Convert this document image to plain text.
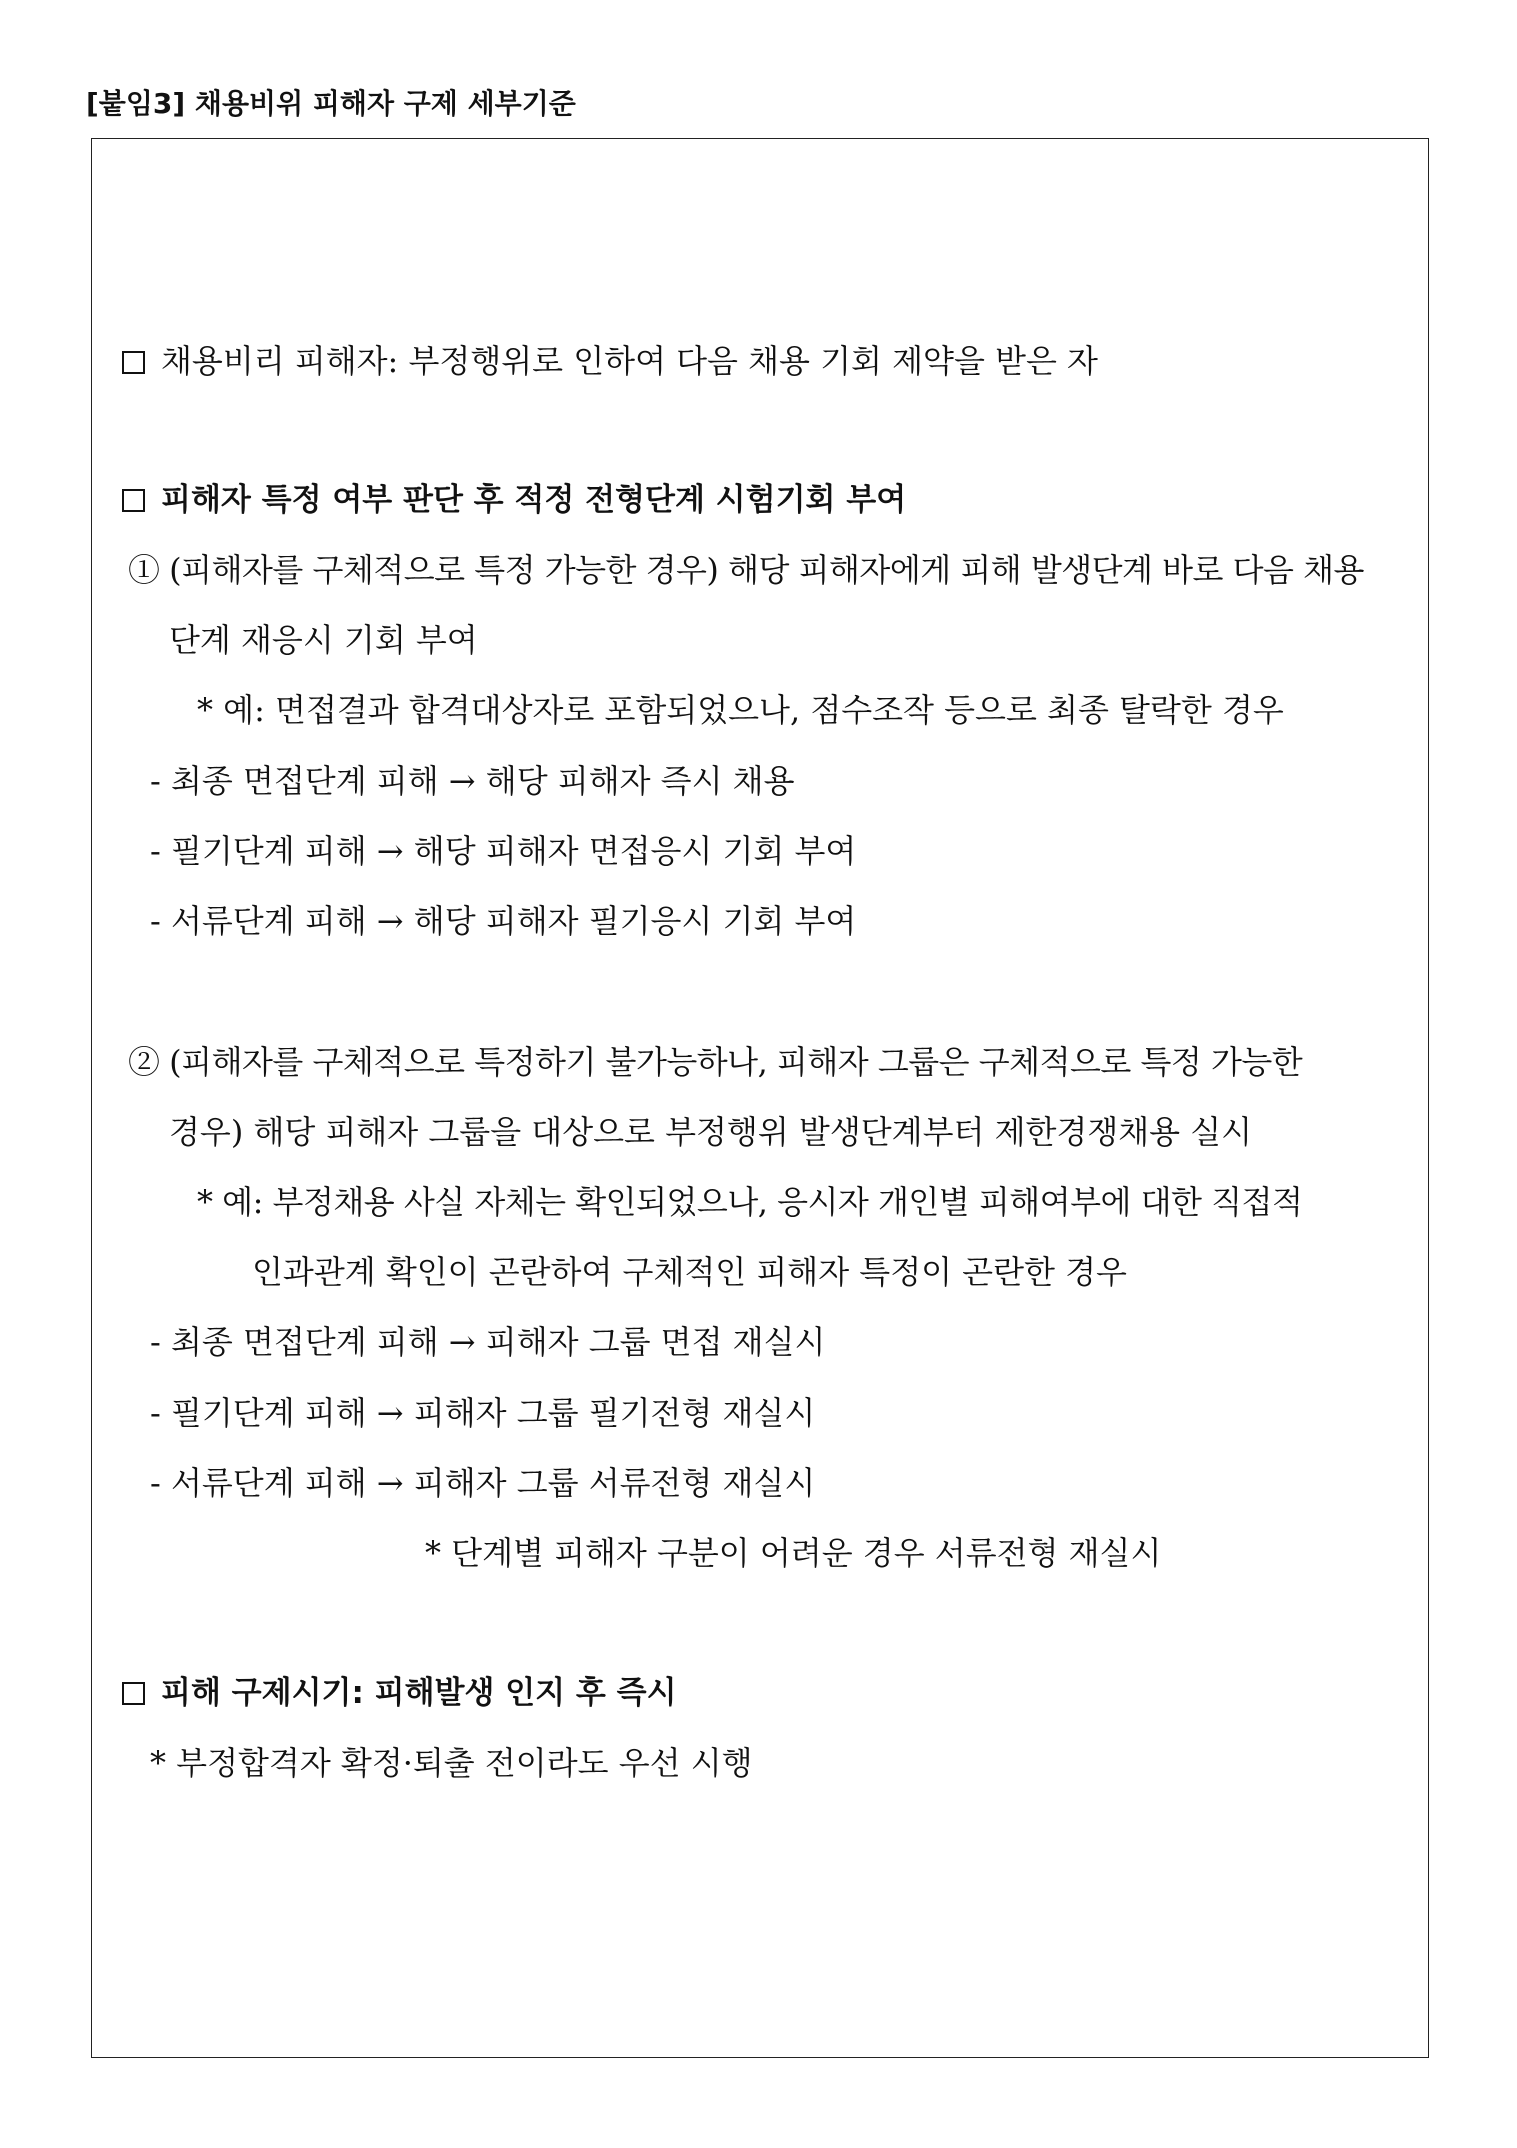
[붙임3] 채용비위 피해자 구제 세부기준
채용비리 피해자: 부정행위로 인하여 다음 채용 기회 제약을 받은 자
피해자 특정 여부 판단 후 적정 전형단계 시험기회 부여
① (피해자를 구체적으로 특정 가능한 경우) 해당 피해자에게 피해 발생단계 바로 다음 채용
단계 재응시 기회 부여
* 예: 면접결과 합격대상자로 포함되었으나, 점수조작 등으로 최종 탈락한 경우
- 최종 면접단계 피해 → 해당 피해자 즉시 채용
- 필기단계 피해 → 해당 피해자 면접응시 기회 부여
- 서류단계 피해 → 해당 피해자 필기응시 기회 부여
② (피해자를 구체적으로 특정하기 불가능하나, 피해자 그룹은 구체적으로 특정 가능한
경우) 해당 피해자 그룹을 대상으로 부정행위 발생단계부터 제한경쟁채용 실시
* 예: 부정채용 사실 자체는 확인되었으나, 응시자 개인별 피해여부에 대한 직접적
인과관계 확인이 곤란하여 구체적인 피해자 특정이 곤란한 경우
- 최종 면접단계 피해 → 피해자 그룹 면접 재실시
- 필기단계 피해 → 피해자 그룹 필기전형 재실시
- 서류단계 피해 → 피해자 그룹 서류전형 재실시
* 단계별 피해자 구분이 어려운 경우 서류전형 재실시
피해 구제시기: 피해발생 인지 후 즉시
* 부정합격자 확정·퇴출 전이라도 우선 시행
